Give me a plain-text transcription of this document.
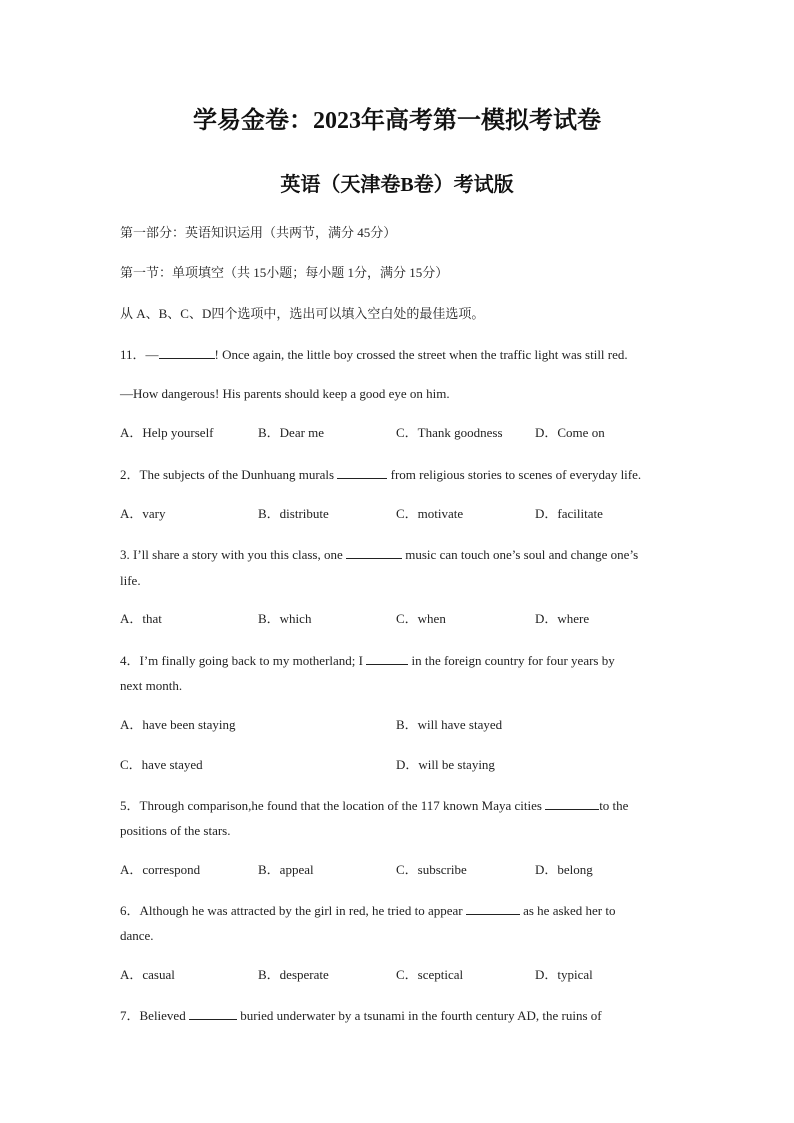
学易金卷：2023年高考第一模拟考试卷
英语（天津卷B卷）考试版
第一部分：英语知识运用（共两节，满分 45分）
第一节：单项填空（共 15小题；每小题 1分，满分 15分）
从 A、B、C、D四个选项中，选出可以填入空白处的最佳选项。
11．—	! Once again, the little boy crossed the street when the traffic light was still red.
—How dangerous! His parents should keep a good eye on him.
A．Help yourself	B．Dear me	C．Thank goodness D．Come on
2．The subjects of the Dunhuang murals	from religious stories to scenes of everyday life.
A．vary	B．distribute	C．motivate	D．facilitate
3. I’ll share a story with you this class, one	music can touch one’s soul and change one’s
life.
A．that	B．which	C．when	D．where
4．I’m finally going back to my motherland; I	in the foreign country for four years by
next month.
A．have been staying	B．will have stayed
C．have stayed	D．will be staying
5．Through comparison,he found that the location of the 117 known Maya cities	to the
positions of the stars.
A．correspond	B．appeal	C．subscribe	D．belong
6．Although he was attracted by the girl in red, he tried to appear	as he asked her to
dance.
A．casual	B．desperate	C．sceptical	D．typical
7．Believed	buried underwater by a tsunami in the fourth century AD, the ruins of
